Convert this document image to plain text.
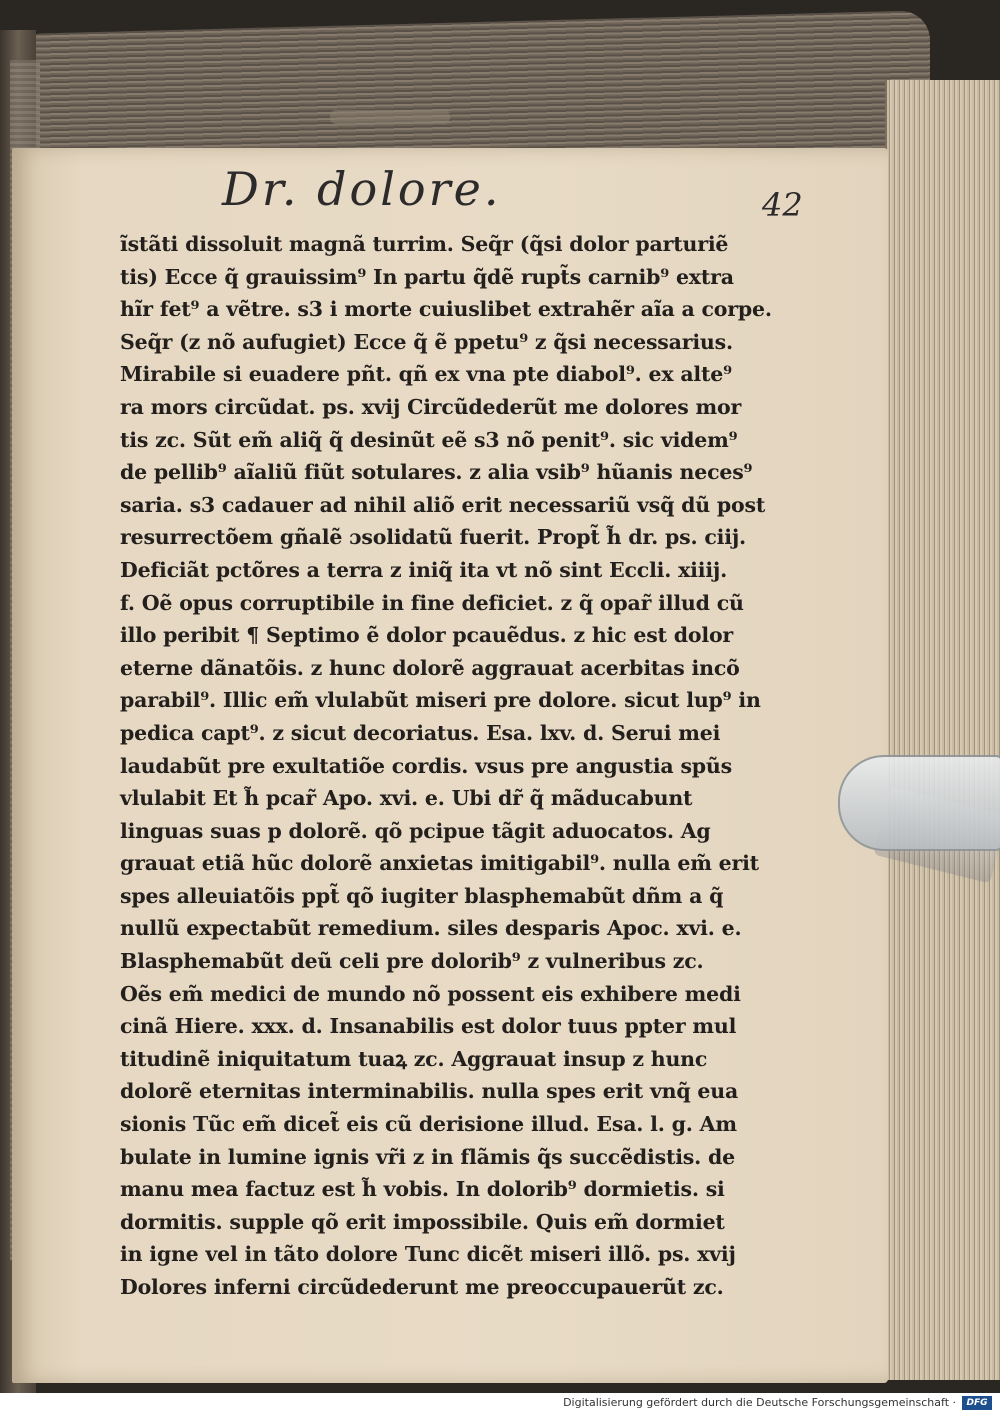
Dr. dolore.	42
ĩstãti dissoluit magnã turrim. Seq̃r (q̃si dolor parturiẽ
tis) Ecce q̃ grauissim⁹ In partu q̃dẽ rupt̃s carnib⁹ extra
hĩr fet⁹ a vẽtre. s3 i morte cuiuslibet extrahẽr aĩa a corpe.
Seq̃r (z nõ aufugiet) Ecce q̃ ẽ ppetu⁹ z q̃si necessarius.
Mirabile si euadere pñt. qñ ex vna pte diabol⁹. ex alte⁹
ra mors circũdat. ps. xvij Circũdederũt me dolores mor
tis zc. Sũt em̃ aliq̃ q̃ desinũt eẽ s3 nõ penit⁹. sic videm⁹
de pellib⁹ aĩaliũ fiũt sotulares. z alia vsib⁹ hũanis neces⁹
saria. s3 cadauer ad nihil aliõ erit necessariũ vsq̃ dũ post
resurrectõem gñalẽ ɔsolidatũ fuerit. Propt̃ h̃ dr. ps. ciij.
Deficiãt pctõres a terra z iniq̃ ita vt nõ sint Eccli. xiiij.
f. Oẽ opus corruptibile in fine deficiet. z q̃ opar̃ illud cũ
illo peribit ¶ Septimo ẽ dolor pcauẽdus. z hic est dolor
eterne dãnatõis. z hunc dolorẽ aggrauat acerbitas incõ
parabil⁹. Illic em̃ vlulabũt miseri pre dolore. sicut lup⁹ in
pedica capt⁹. z sicut decoriatus. Esa. lxv. d. Serui mei
laudabũt pre exultatiõe cordis. vsus pre angustia spũs
vlulabit Et h̃ pcar̃ Apo. xvi. e. Ubi dr̃ q̃ mãducabunt
linguas suas p dolorẽ. qõ pcipue tãgit aduocatos. Ag
grauat etiã hũc dolorẽ anxietas imitigabil⁹. nulla em̃ erit
spes alleuiatõis ppt̃ qõ iugiter blasphemabũt dñm a q̃
nullũ expectabũt remedium. siles desparis Apoc. xvi. e.
Blasphemabũt deũ celi pre dolorib⁹ z vulneribus zc.
Oẽs em̃ medici de mundo nõ possent eis exhibere medi
cinã Hiere. xxx. d. Insanabilis est dolor tuus ppter mul
titudinẽ iniquitatum tuaꝝ zc. Aggrauat insup z hunc
dolorẽ eternitas interminabilis. nulla spes erit vnq̃ eua
sionis Tũc em̃ dicet̃ eis cũ derisione illud. Esa. l. g. Am
bulate in lumine ignis vr̃i z in flãmis q̃s succẽdistis. de
manu mea factuz est h̃ vobis. In dolorib⁹ dormietis. si
dormitis. supple qõ erit impossibile. Quis em̃ dormiet
in igne vel in tãto dolore Tunc dicẽt miseri illõ. ps. xvij
Dolores inferni circũdederunt me preoccupauerũt zc.
Digitalisierung gefördert durch die Deutsche Forschungsgemeinschaft ·	DFG
